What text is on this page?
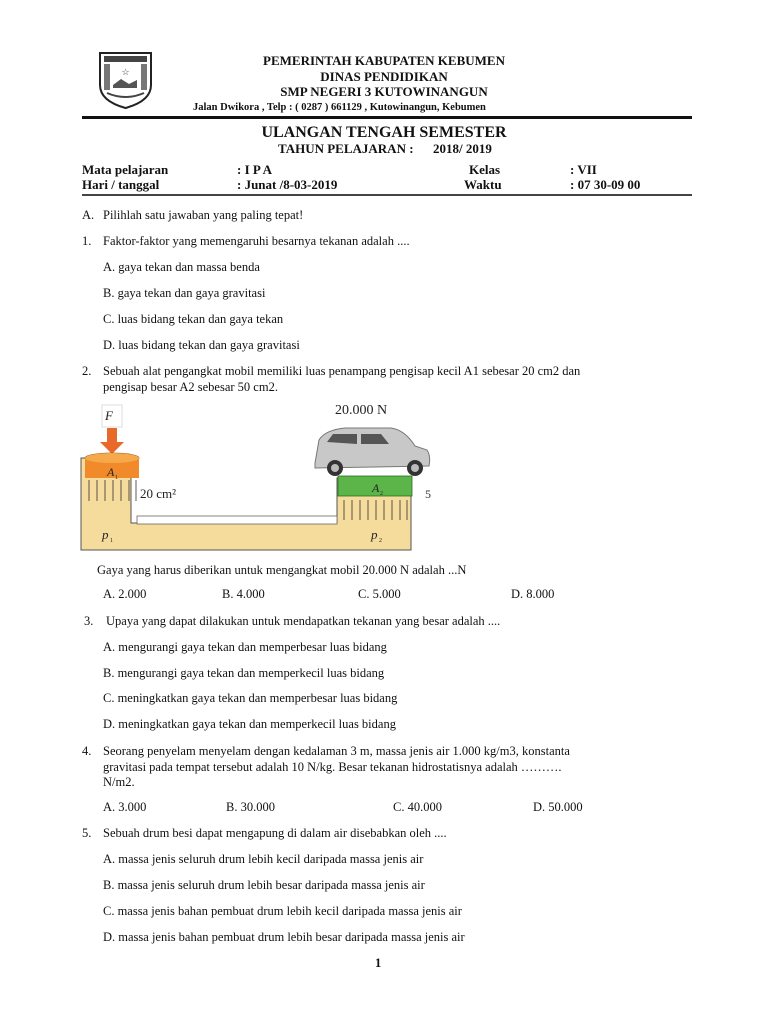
☆
PEMERINTAH KABUPATEN KEBUMEN
DINAS PENDIDIKAN
SMP NEGERI 3 KUTOWINANGUN
Jalan Dwikora , Telp : ( 0287 ) 661129 , Kutowinangun, Kebumen
ULANGAN TENGAH SEMESTER
TAHUN PELAJARAN : 2018/ 2019
Mata pelajaran	: I P A	Kelas	: VII
Hari / tanggal	: Junat /8-03-2019	Waktu	: 07 30-09 00
A. Pilihlah satu jawaban yang paling tepat!
1. Faktor-faktor yang memengaruhi besarnya tekanan adalah ....
A. gaya tekan dan massa benda
B. gaya tekan dan gaya gravitasi
C. luas bidang tekan dan gaya tekan
D. luas bidang tekan dan gaya gravitasi
2. Sebuah alat pengangkat mobil memiliki luas penampang pengisap kecil A1 sebesar 20 cm2 dan
pengisap besar A2 sebesar 50 cm2.
F
A 1
20 cm²
20.000 N
A 2	5
p 1	p 2
Gaya yang harus diberikan untuk mengangkat mobil 20.000 N adalah ...N
A. 2.000	B. 4.000	C. 5.000	D. 8.000
3. Upaya yang dapat dilakukan untuk mendapatkan tekanan yang besar adalah ....
A. mengurangi gaya tekan dan memperbesar luas bidang
B. mengurangi gaya tekan dan memperkecil luas bidang
C. meningkatkan gaya tekan dan memperbesar luas bidang
D. meningkatkan gaya tekan dan memperkecil luas bidang
4. Seorang penyelam menyelam dengan kedalaman 3 m, massa jenis air 1.000 kg/m3, konstanta
gravitasi pada tempat tersebut adalah 10 N/kg. Besar tekanan hidrostatisnya adalah ……….
N/m2.
A. 3.000	B. 30.000	C. 40.000	D. 50.000
5. Sebuah drum besi dapat mengapung di dalam air disebabkan oleh ....
A. massa jenis seluruh drum lebih kecil daripada massa jenis air
B. massa jenis seluruh drum lebih besar daripada massa jenis air
C. massa jenis bahan pembuat drum lebih kecil daripada massa jenis air
D. massa jenis bahan pembuat drum lebih besar daripada massa jenis air
1
